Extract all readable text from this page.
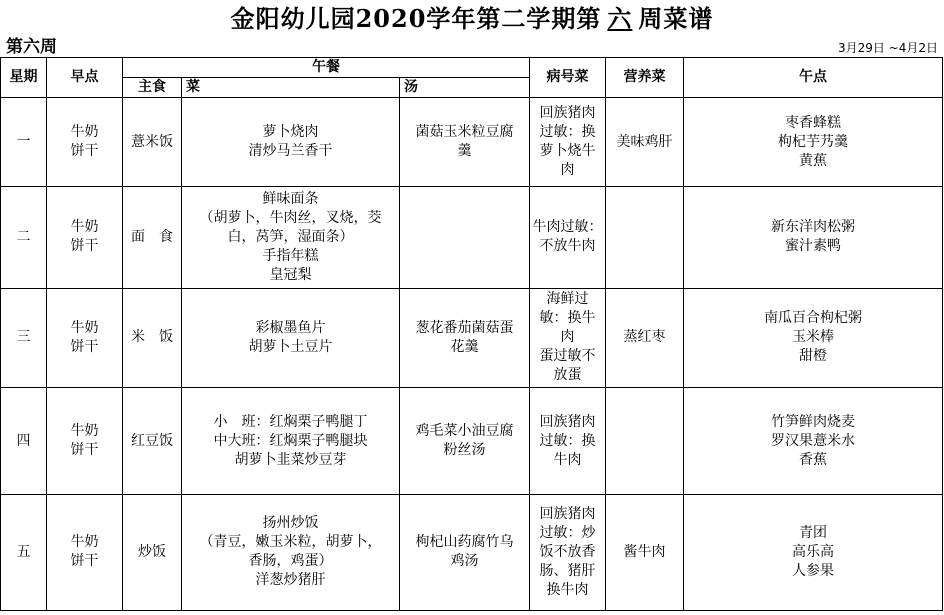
金阳幼儿园2020学年第二学期第 六 周菜谱
第六周	3月29日 ~4月2日
星期	早点	午餐			病号菜	营养菜	午点

		主食	菜	汤			
一	牛奶
饼干	薏米饭	萝卜烧肉
清炒马兰香干	菌菇玉米粒豆腐
羹	回族猪肉
过敏：换
萝卜烧牛
肉	美味鸡肝	枣香蜂糕
枸杞芋艿羹
黄蕉

二	牛奶
饼干	面　食	鲜味面条
（胡萝卜，牛肉丝，叉烧，茭
白，莴笋，湿面条）
手指年糕
皇冠梨		牛肉过敏：
不放牛肉		新东洋肉松粥
蜜汁素鸭

三	牛奶
饼干	米　饭	彩椒墨鱼片
胡萝卜土豆片	葱花番茄菌菇蛋
花羹	海鲜过
敏：换牛
肉
蛋过敏不
放蛋	蒸红枣	南瓜百合枸杞粥
玉米棒
甜橙

四	牛奶
饼干	红豆饭	小　班：红焖栗子鸭腿丁
中大班：红焖栗子鸭腿块
胡萝卜韭菜炒豆芽	鸡毛菜小油豆腐
粉丝汤	回族猪肉
过敏：换
牛肉		竹笋鲜肉烧麦
罗汉果薏米水
香蕉

五	牛奶
饼干	炒饭	扬州炒饭
（青豆，嫩玉米粒，胡萝卜，
香肠，鸡蛋）
洋葱炒猪肝	枸杞山药腐竹乌
鸡汤	回族猪肉
过敏：炒
饭不放香
肠、猪肝
换牛肉	酱牛肉	青团
高乐高
人参果
